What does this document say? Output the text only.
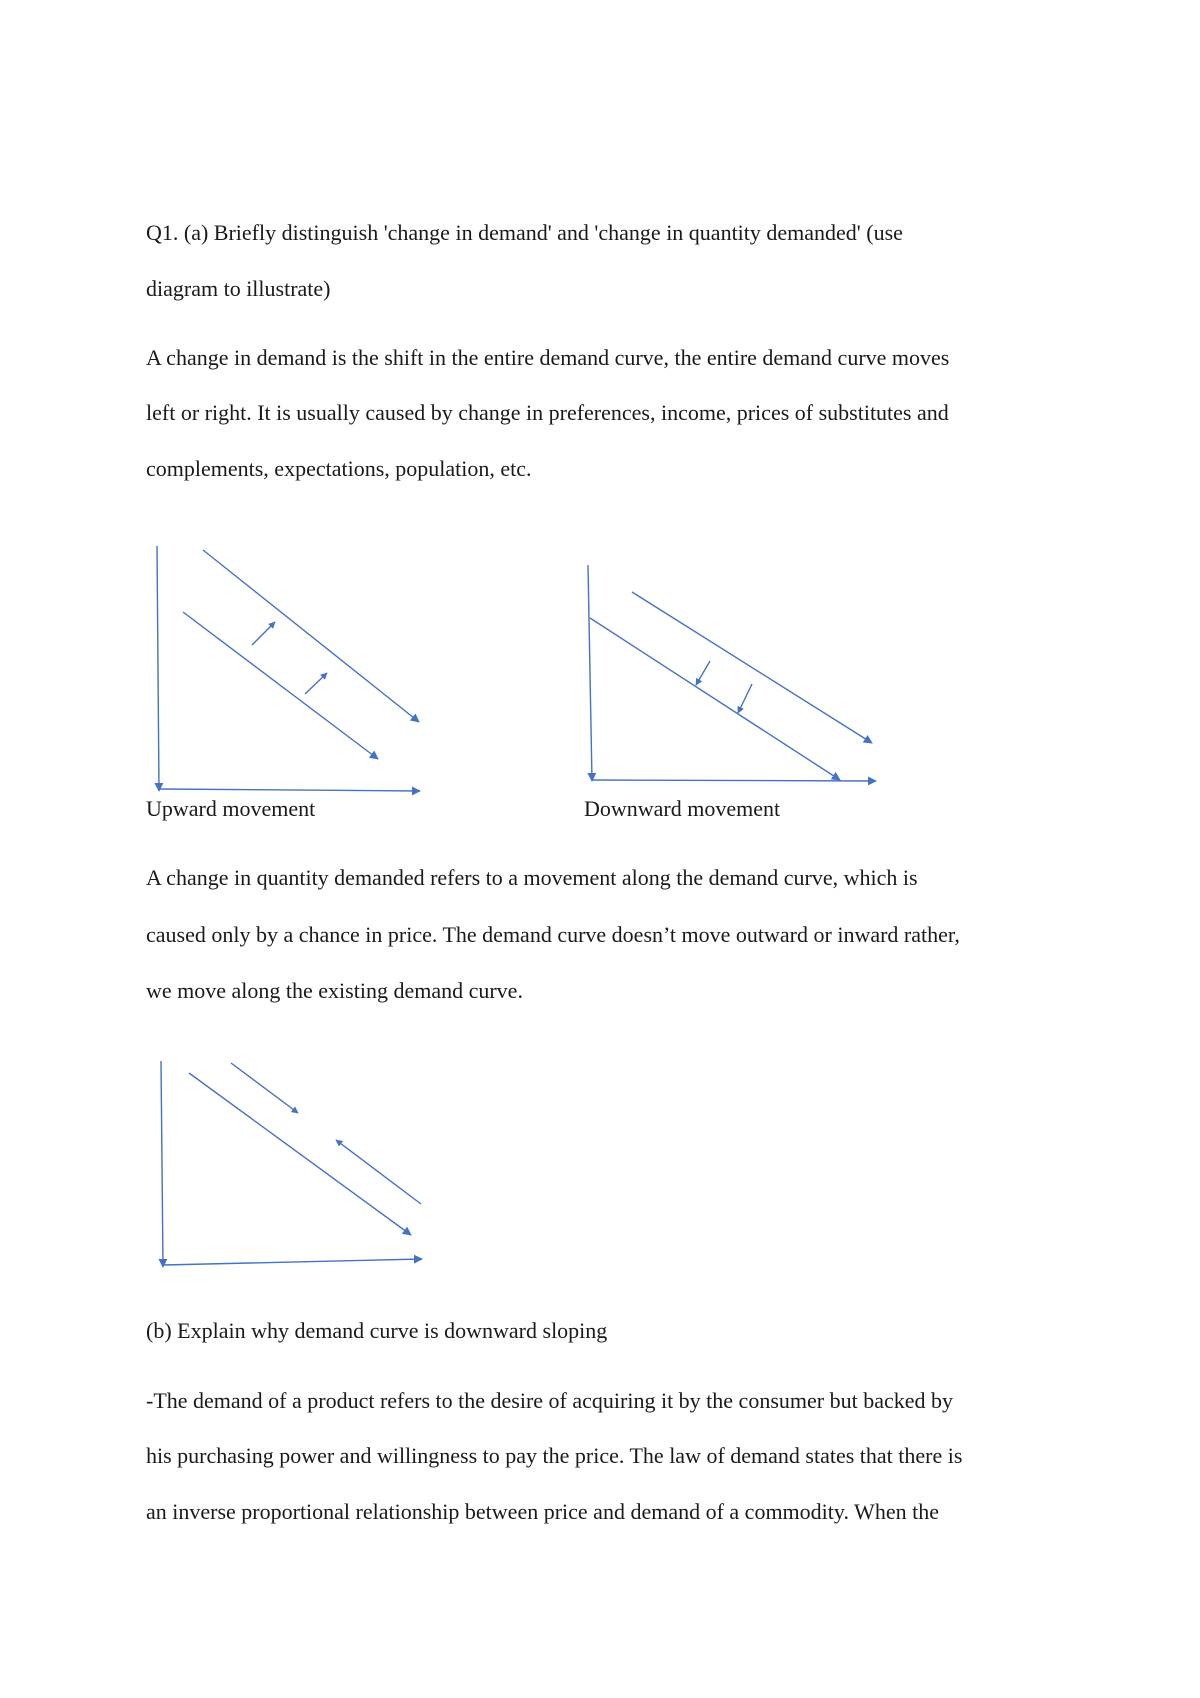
Q1. (a) Briefly distinguish 'change in demand' and 'change in quantity demanded' (use
diagram to illustrate)
A change in demand is the shift in the entire demand curve, the entire demand curve moves
left or right. It is usually caused by change in preferences, income, prices of substitutes and
complements, expectations, population, etc.
Upward movement	Downward movement
A change in quantity demanded refers to a movement along the demand curve, which is
caused only by a chance in price. The demand curve doesn’t move outward or inward rather,
we move along the existing demand curve.
(b) Explain why demand curve is downward sloping
-The demand of a product refers to the desire of acquiring it by the consumer but backed by
his purchasing power and willingness to pay the price. The law of demand states that there is
an inverse proportional relationship between price and demand of a commodity. When the
